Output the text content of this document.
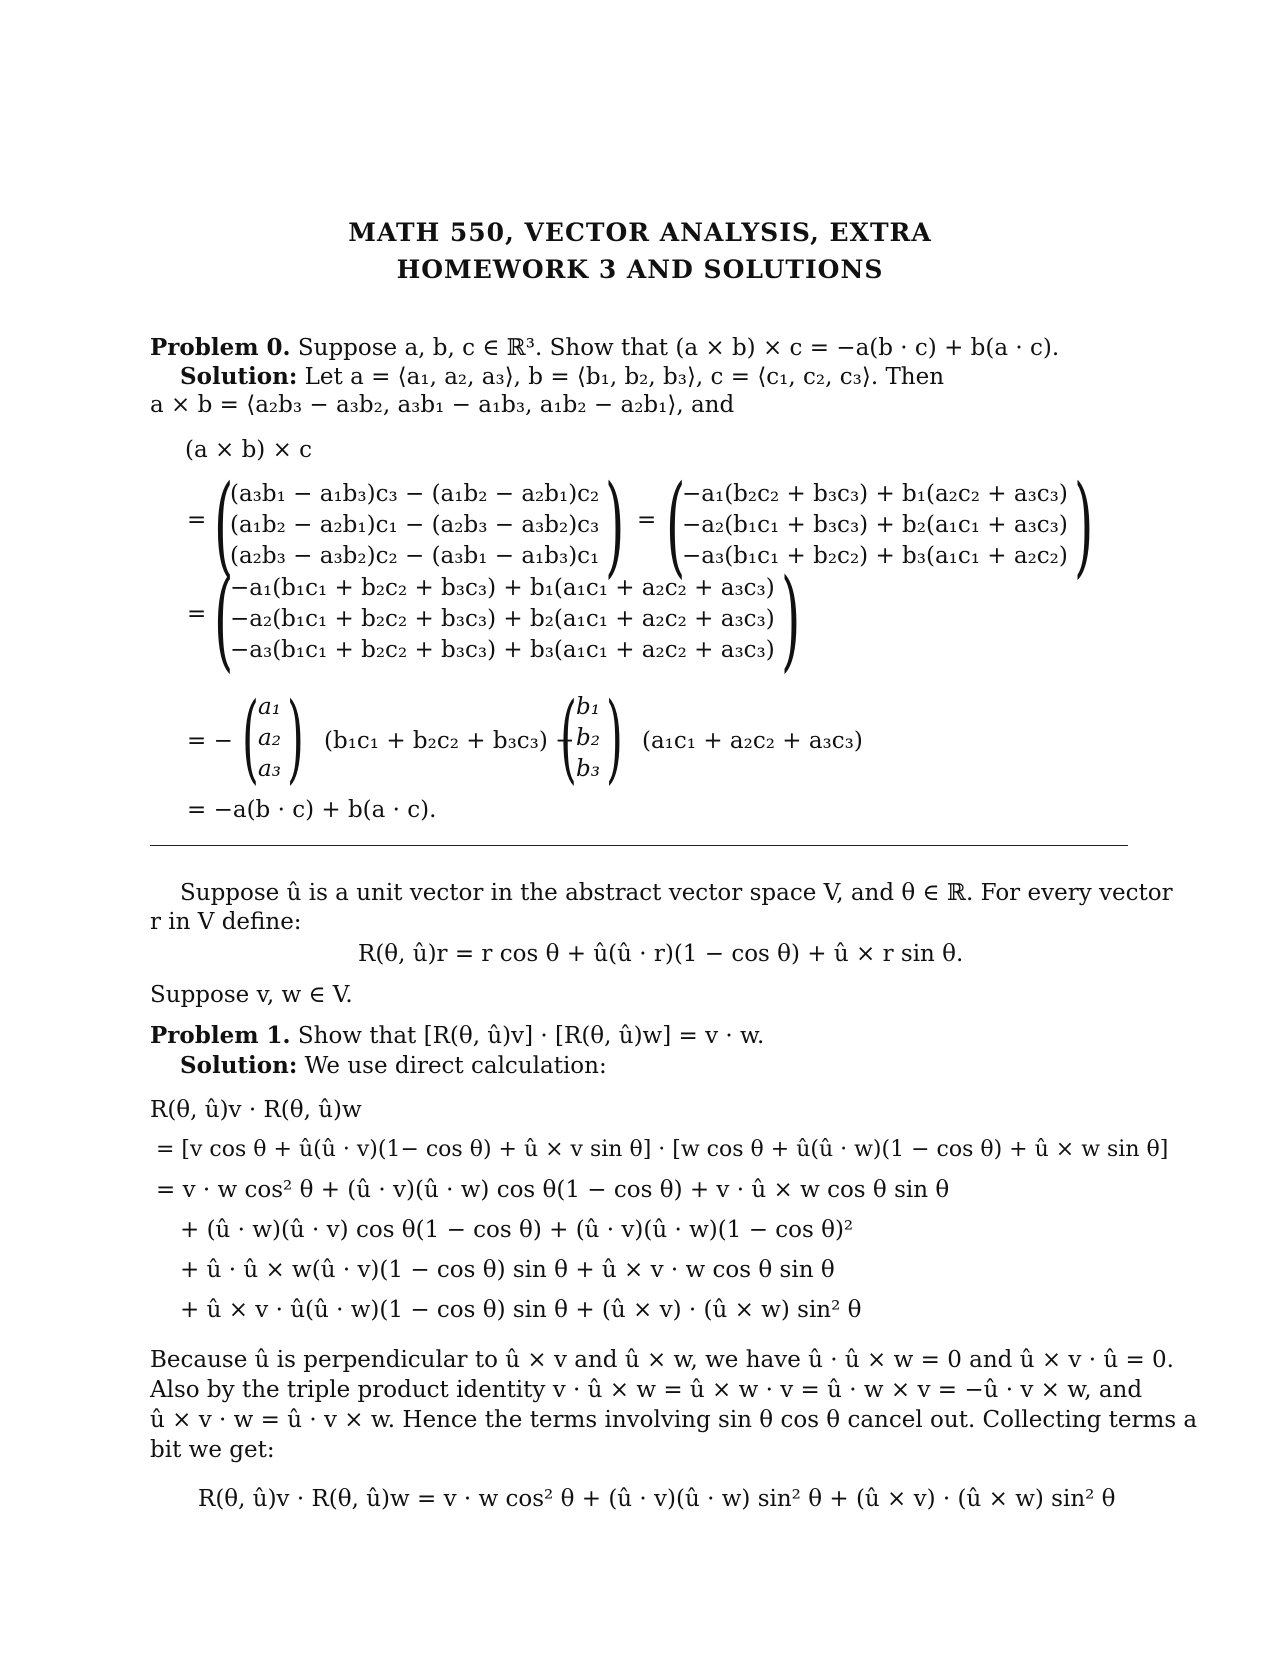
MATH 550, VECTOR ANALYSIS, EXTRA
HOMEWORK 3 AND SOLUTIONS
Problem 0. Suppose a, b, c ∈ ℝ³. Show that (a × b) × c = −a(b · c) + b(a · c).
Solution: Let a = ⟨a₁, a₂, a₃⟩, b = ⟨b₁, b₂, b₃⟩, c = ⟨c₁, c₂, c₃⟩. Then
a × b = ⟨a₂b₃ − a₃b₂, a₃b₁ − a₁b₃, a₁b₂ − a₂b₁⟩, and
(a × b) × c
= (
(a₃b₁ − a₁b₃)c₃ − (a₁b₂ − a₂b₁)c₂
(a₁b₂ − a₂b₁)c₁ − (a₂b₃ − a₃b₂)c₃
(a₂b₃ − a₃b₂)c₂ − (a₃b₁ − a₁b₃)c₁ ) = (
−a₁(b₂c₂ + b₃c₃) + b₁(a₂c₂ + a₃c₃)
−a₂(b₁c₁ + b₃c₃) + b₂(a₁c₁ + a₃c₃)
−a₃(b₁c₁ + b₂c₂) + b₃(a₁c₁ + a₂c₂) )
= (
−a₁(b₁c₁ + b₂c₂ + b₃c₃) + b₁(a₁c₁ + a₂c₂ + a₃c₃)
−a₂(b₁c₁ + b₂c₂ + b₃c₃) + b₂(a₁c₁ + a₂c₂ + a₃c₃)
−a₃(b₁c₁ + b₂c₂ + b₃c₃) + b₃(a₁c₁ + a₂c₂ + a₃c₃) )
= − ( a₁
a₂
a₃ ) (b₁c₁ + b₂c₂ + b₃c₃) +
( b₁
b₂
b₃ ) (a₁c₁ + a₂c₂ + a₃c₃)
= −a(b · c) + b(a · c).
Suppose û is a unit vector in the abstract vector space V, and θ ∈ ℝ. For every vector
r in V define:
R(θ, û)r = r cos θ + û(û · r)(1 − cos θ) + û × r sin θ.
Suppose v, w ∈ V.
Problem 1. Show that [R(θ, û)v] · [R(θ, û)w] = v · w.
Solution: We use direct calculation:
R(θ, û)v · R(θ, û)w
= [v cos θ + û(û · v)(1− cos θ) + û × v sin θ] · [w cos θ + û(û · w)(1 − cos θ) + û × w sin θ]
= v · w cos² θ + (û · v)(û · w) cos θ(1 − cos θ) + v · û × w cos θ sin θ
+ (û · w)(û · v) cos θ(1 − cos θ) + (û · v)(û · w)(1 − cos θ)²
+ û · û × w(û · v)(1 − cos θ) sin θ + û × v · w cos θ sin θ
+ û × v · û(û · w)(1 − cos θ) sin θ + (û × v) · (û × w) sin² θ
Because û is perpendicular to û × v and û × w, we have û · û × w = 0 and û × v · û = 0.
Also by the triple product identity v · û × w = û × w · v = û · w × v = −û · v × w, and
û × v · w = û · v × w. Hence the terms involving sin θ cos θ cancel out. Collecting terms a
bit we get:
R(θ, û)v · R(θ, û)w = v · w cos² θ + (û · v)(û · w) sin² θ + (û × v) · (û × w) sin² θ
